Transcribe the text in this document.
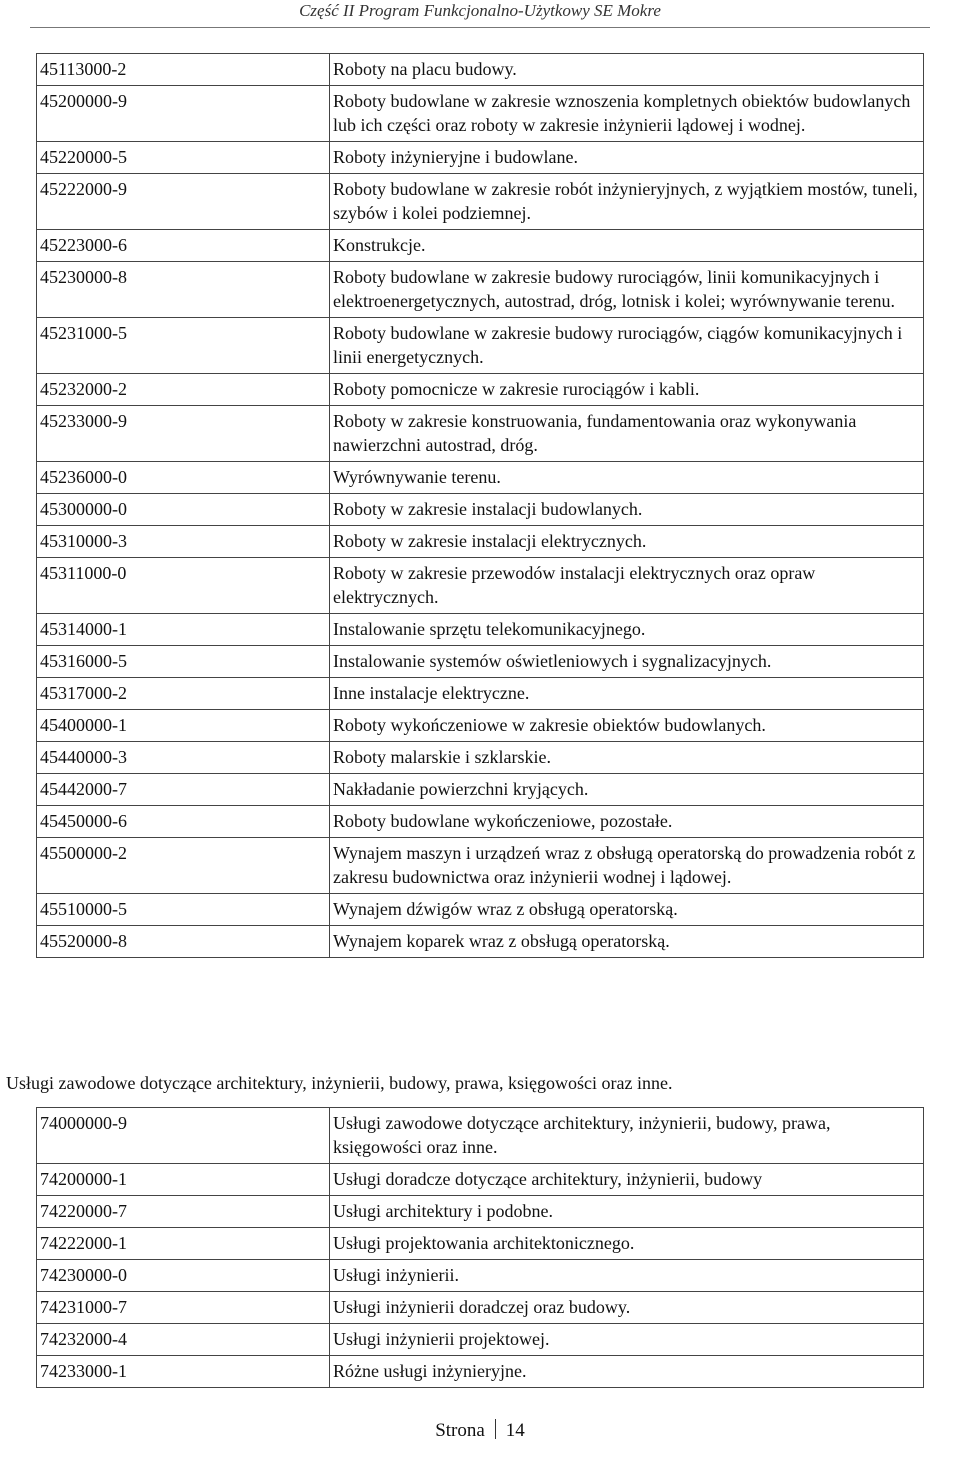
Część II Program Funkcjonalno-Użytkowy SE Mokre
45113000-2	Roboty na placu budowy.
45200000-9	Roboty budowlane w zakresie wznoszenia kompletnych obiektów budowlanych lub ich części oraz roboty w zakresie inżynierii lądowej i wodnej.
45220000-5	Roboty inżynieryjne i budowlane.
45222000-9	Roboty budowlane w zakresie robót inżynieryjnych, z wyjątkiem mostów, tuneli, szybów i kolei podziemnej.
45223000-6	Konstrukcje.
45230000-8	Roboty budowlane w zakresie budowy rurociągów, linii komunikacyjnych i elektroenergetycznych, autostrad, dróg, lotnisk i kolei; wyrównywanie terenu.
45231000-5	Roboty budowlane w zakresie budowy rurociągów, ciągów komunikacyjnych i linii energetycznych.
45232000-2	Roboty pomocnicze w zakresie rurociągów i kabli.
45233000-9	Roboty w zakresie konstruowania, fundamentowania oraz wykonywania nawierzchni autostrad, dróg.
45236000-0	Wyrównywanie terenu.
45300000-0	Roboty w zakresie instalacji budowlanych.
45310000-3	Roboty w zakresie instalacji elektrycznych.
45311000-0	Roboty w zakresie przewodów instalacji elektrycznych oraz opraw elektrycznych.
45314000-1	Instalowanie sprzętu telekomunikacyjnego.
45316000-5	Instalowanie systemów oświetleniowych i sygnalizacyjnych.
45317000-2	Inne instalacje elektryczne.
45400000-1	Roboty wykończeniowe w zakresie obiektów budowlanych.
45440000-3	Roboty malarskie i szklarskie.
45442000-7	Nakładanie powierzchni kryjących.
45450000-6	Roboty budowlane wykończeniowe, pozostałe.
45500000-2	Wynajem maszyn i urządzeń wraz z obsługą operatorską do prowadzenia robót z zakresu budownictwa oraz inżynierii wodnej i lądowej.
45510000-5	Wynajem dźwigów wraz z obsługą operatorską.
45520000-8	Wynajem koparek wraz z obsługą operatorską.
Usługi zawodowe dotyczące architektury, inżynierii, budowy, prawa, księgowości oraz inne.
74000000-9	Usługi zawodowe dotyczące architektury, inżynierii, budowy, prawa, księgowości oraz inne.
74200000-1	Usługi doradcze dotyczące architektury, inżynierii, budowy
74220000-7	Usługi architektury i podobne.
74222000-1	Usługi projektowania architektonicznego.
74230000-0	Usługi inżynierii.
74231000-7	Usługi inżynierii doradczej oraz budowy.
74232000-4	Usługi inżynierii projektowej.
74233000-1	Różne usługi inżynieryjne.
Strona 14
